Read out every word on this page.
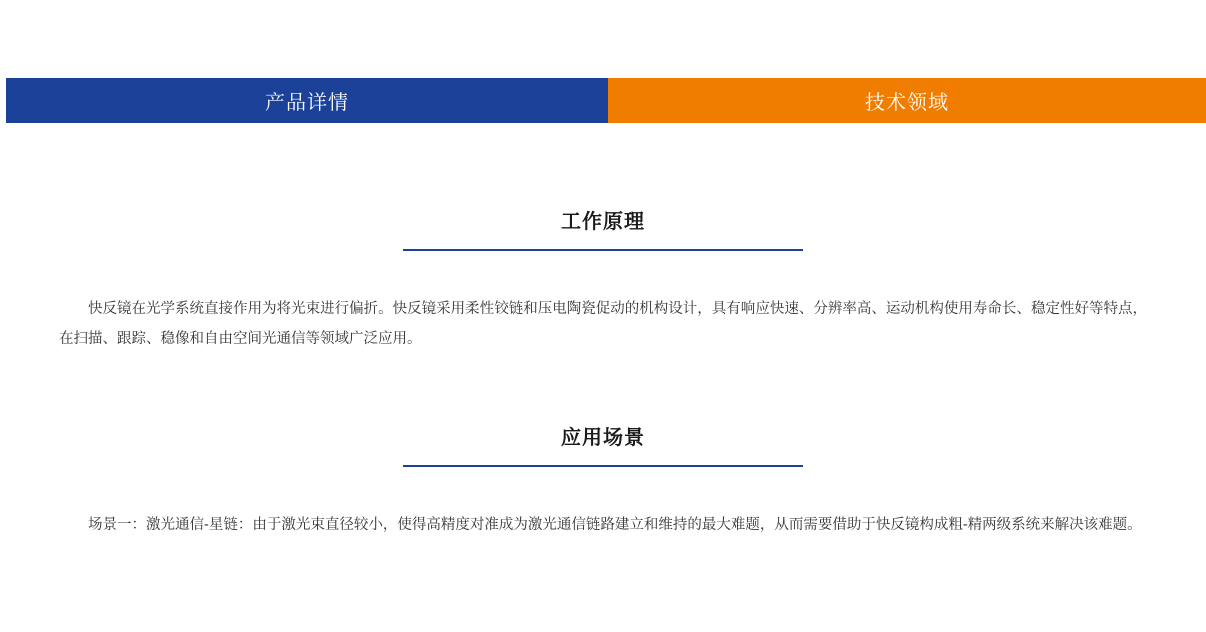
产品详情	技术领域
工作原理

快反镜在光学系统直接作用为将光束进行偏折。快反镜采用柔性铰链和压电陶瓷促动的机构设计，具有响应快速、分辨率高、运动机构使用寿命长、稳定性好等特点，在扫描、跟踪、稳像和自由空间光通信等领域广泛应用。

应用场景

场景一：激光通信-星链：由于激光束直径较小，使得高精度对准成为激光通信链路建立和维持的最大难题，从而需要借助于快反镜构成粗-精两级系统来解决该难题。
